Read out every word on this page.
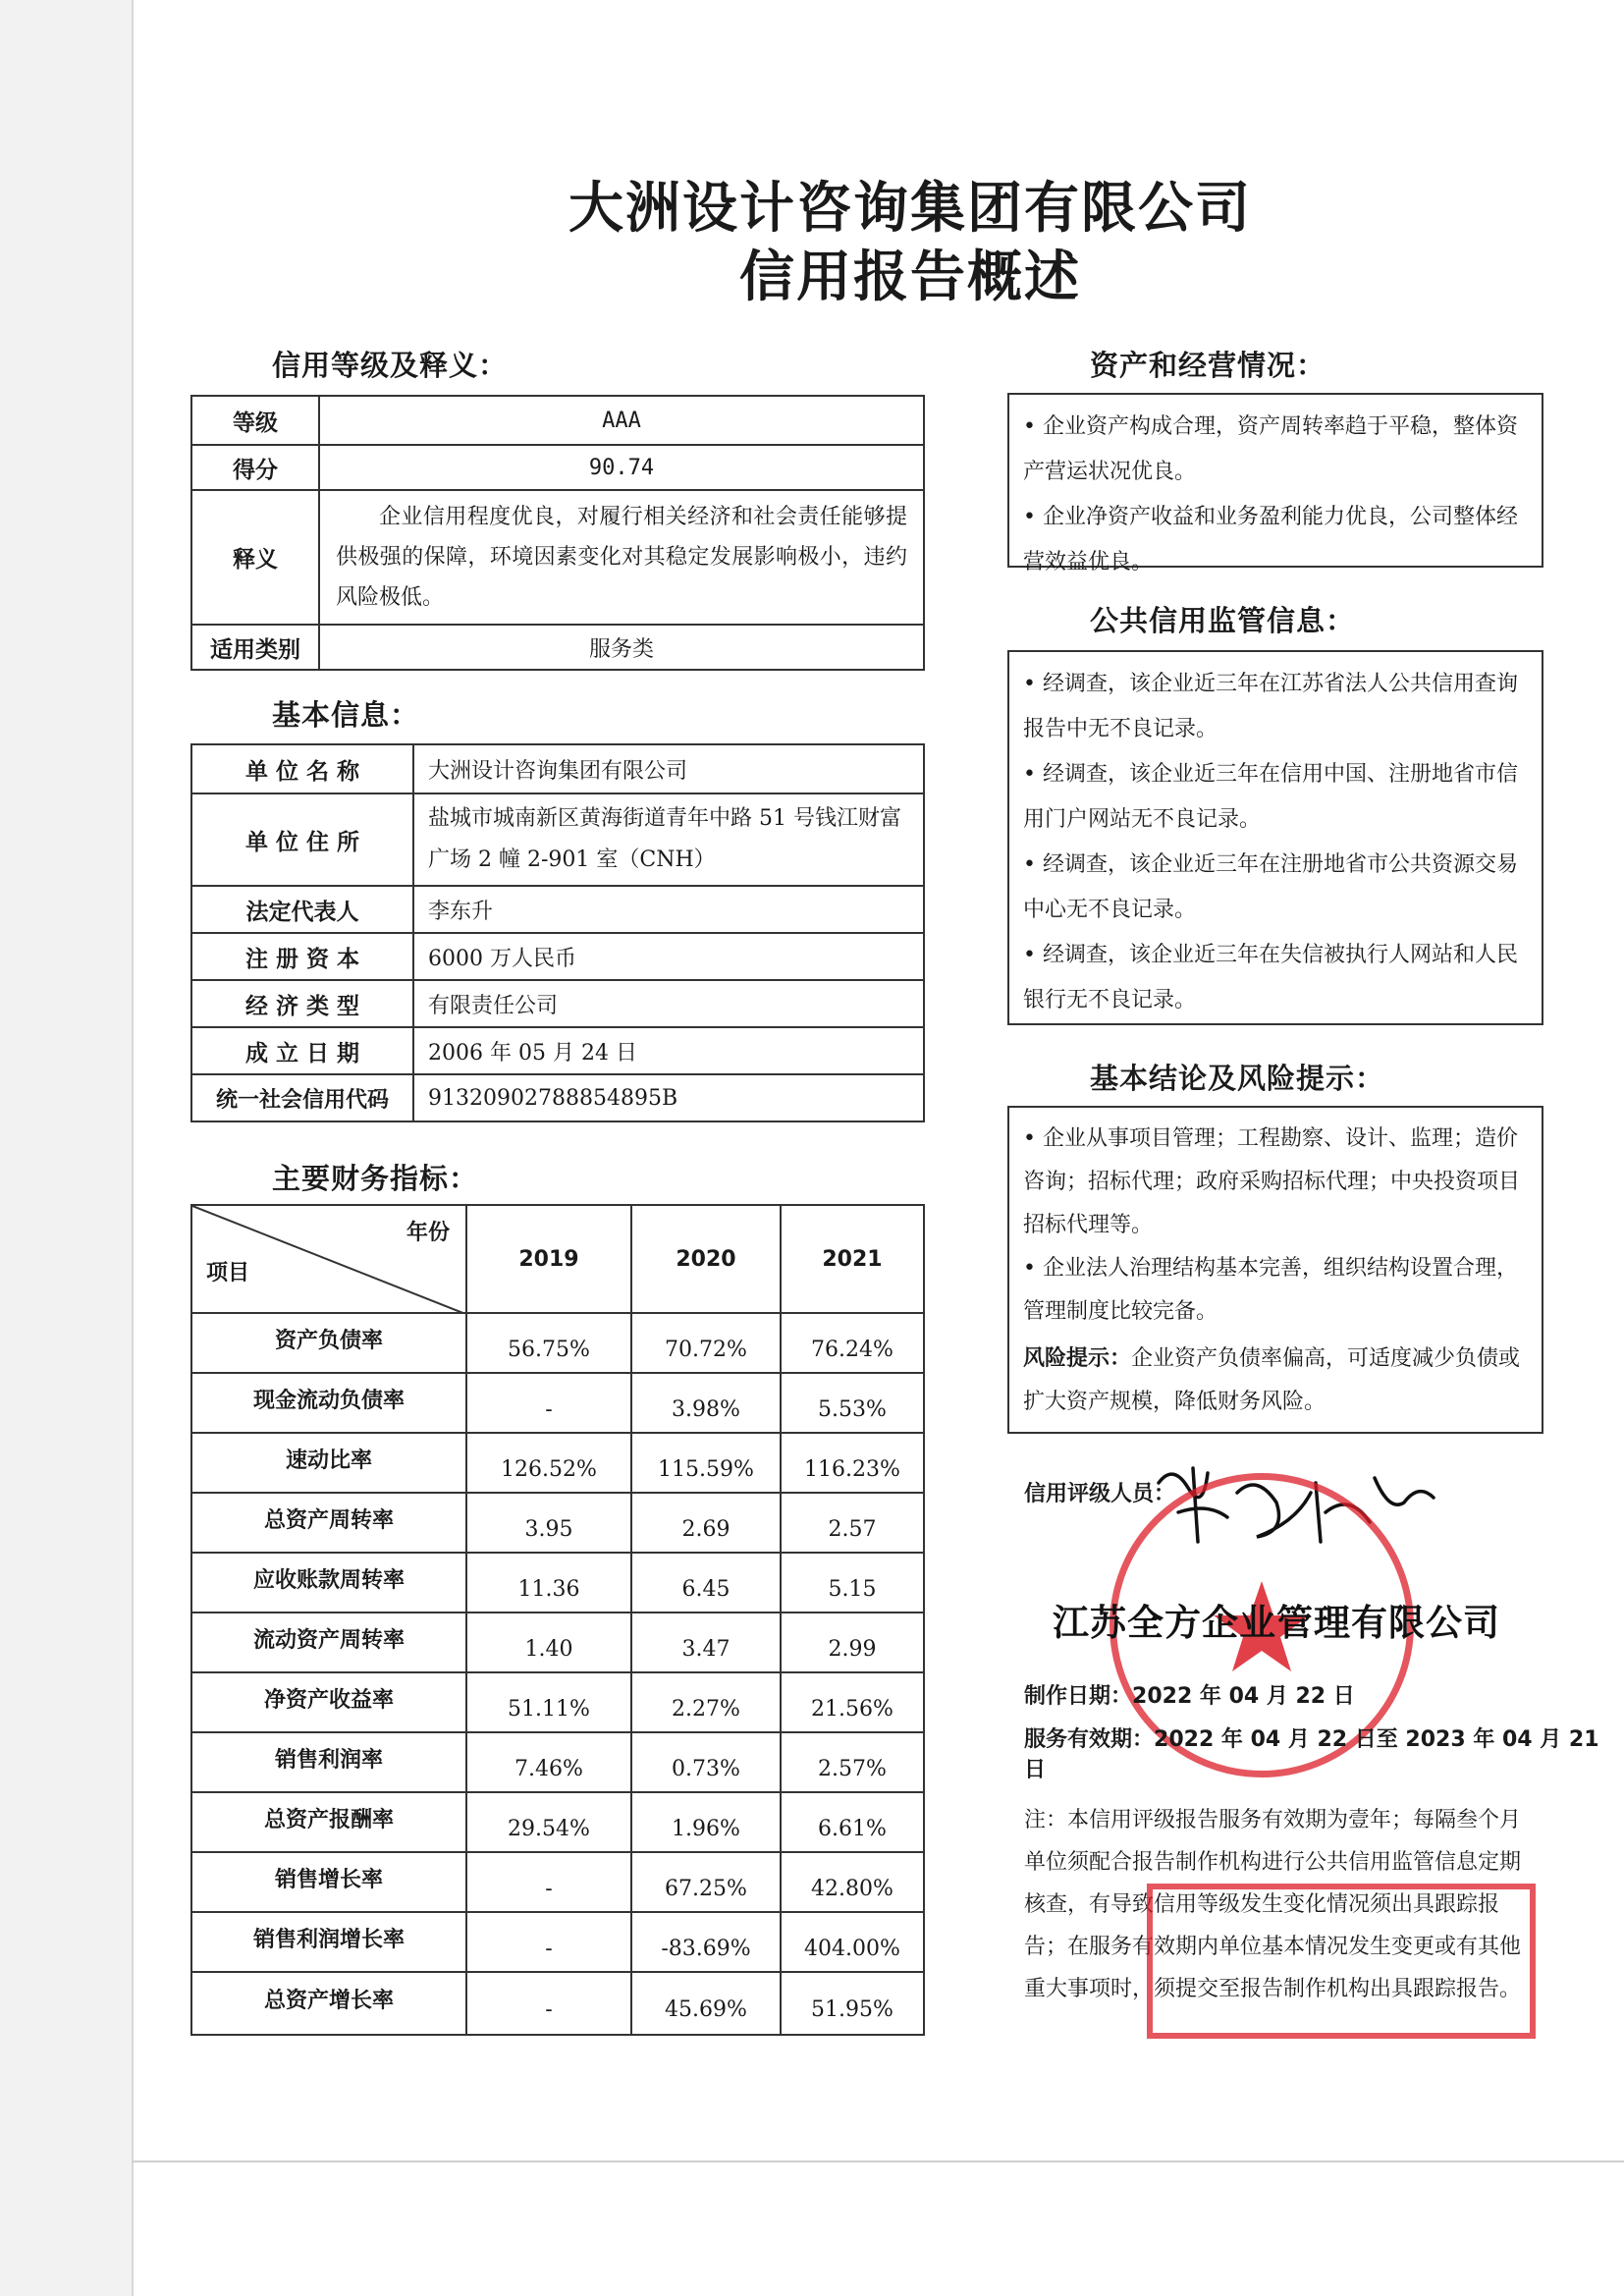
大洲设计咨询集团有限公司
信用报告概述
信用等级及释义：
等级	AAA
得分	90.74
释义	企业信用程度优良，对履行相关经济和社会责任能够提供极强的保障，环境因素变化对其稳定发展影响极小，违约风险极低。
适用类别	服务类
基本信息：
单 位 名 称	大洲设计咨询集团有限公司
单 位 住 所	盐城市城南新区黄海街道青年中路 51 号钱江财富广场 2 幢 2-901 室（CNH）
法定代表人	李东升
注 册 资 本	6000 万人民币
经 济 类 型	有限责任公司
成 立 日 期	2006 年 05 月 24 日
统一社会信用代码	91320902788854895B
主要财务指标：
年份
项目	2019	2020	2021
资产负债率	56.75%	70.72%	76.24%
现金流动负债率	-	3.98%	5.53%
速动比率	126.52%	115.59%	116.23%
总资产周转率	3.95	2.69	2.57
应收账款周转率	11.36	6.45	5.15
流动资产周转率	1.40	3.47	2.99
净资产收益率	51.11%	2.27%	21.56%
销售利润率	7.46%	0.73%	2.57%
总资产报酬率	29.54%	1.96%	6.61%
销售增长率	-	67.25%	42.80%
销售利润增长率	-	-83.69%	404.00%
总资产增长率	-	45.69%	51.95%
资产和经营情况：

• 企业资产构成合理，资产周转率趋于平稳，整体资产营运状况优良。

• 企业净资产收益和业务盈利能力优良，公司整体经营效益优良。

公共信用监管信息：

• 经调查，该企业近三年在江苏省法人公共信用查询报告中无不良记录。

• 经调查，该企业近三年在信用中国、注册地省市信用门户网站无不良记录。

• 经调查，该企业近三年在注册地省市公共资源交易中心无不良记录。

• 经调查，该企业近三年在失信被执行人网站和人民银行无不良记录。

基本结论及风险提示：

• 企业从事项目管理；工程勘察、设计、监理；造价咨询；招标代理；政府采购招标代理；中央投资项目招标代理等。

• 企业法人治理结构基本完善，组织结构设置合理，管理制度比较完备。

风险提示：企业资产负债率偏高，可适度减少负债或扩大资产规模，降低财务风险。

信用评级人员：

江苏全方企业管理有限公司

制作日期：2022 年 04 月 22 日

服务有效期：2022 年 04 月 22 日至 2023 年 04 月 21 日

注：本信用评级报告服务有效期为壹年；每隔叁个月单位须配合报告制作机构进行公共信用监管信息定期核查，有导致信用等级发生变化情况须出具跟踪报告；在服务有效期内单位基本情况发生变更或有其他重大事项时，须提交至报告制作机构出具跟踪报告。
